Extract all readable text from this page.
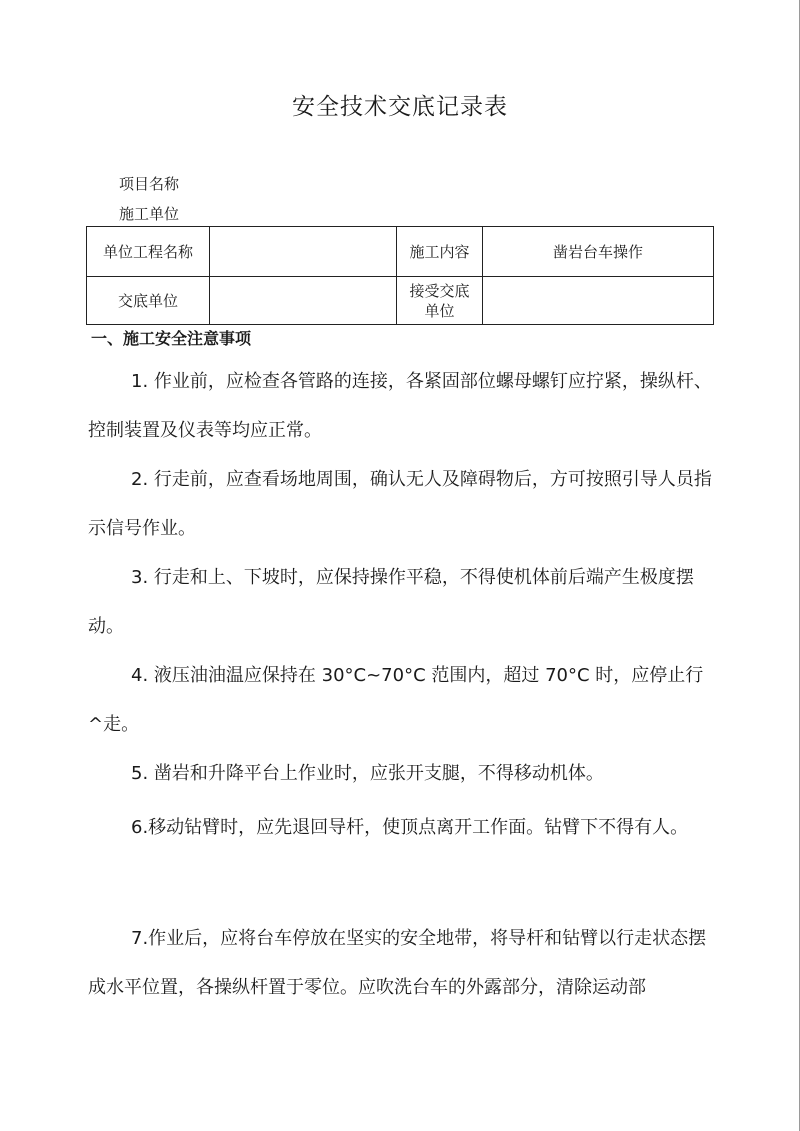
安全技术交底记录表
项目名称
施工单位
单位工程名称		施工内容	凿岩台车操作
交底单位		接受交底
单位	

一、施工安全注意事项

1. 作业前，应检查各管路的连接，各紧固部位螺母螺钉应拧紧，操纵杆、控制装置及仪表等均应正常。

2. 行走前，应查看场地周围，确认无人及障碍物后，方可按照引导人员指示信号作业。

3. 行走和上、下坡时，应保持操作平稳，不得使机体前后端产生极度摆动。

4. 液压油油温应保持在 30°C~70°C 范围内，超过 70°C 时，应停止行^走。

5. 凿岩和升降平台上作业时，应张开支腿，不得移动机体。

6.移动钻臂时，应先退回导杆，使顶点离开工作面。钻臂下不得有人。

7.作业后，应将台车停放在坚实的安全地带，将导杆和钻臂以行走状态摆成水平位置，各操纵杆置于零位。应吹洗台车的外露部分，清除运动部
